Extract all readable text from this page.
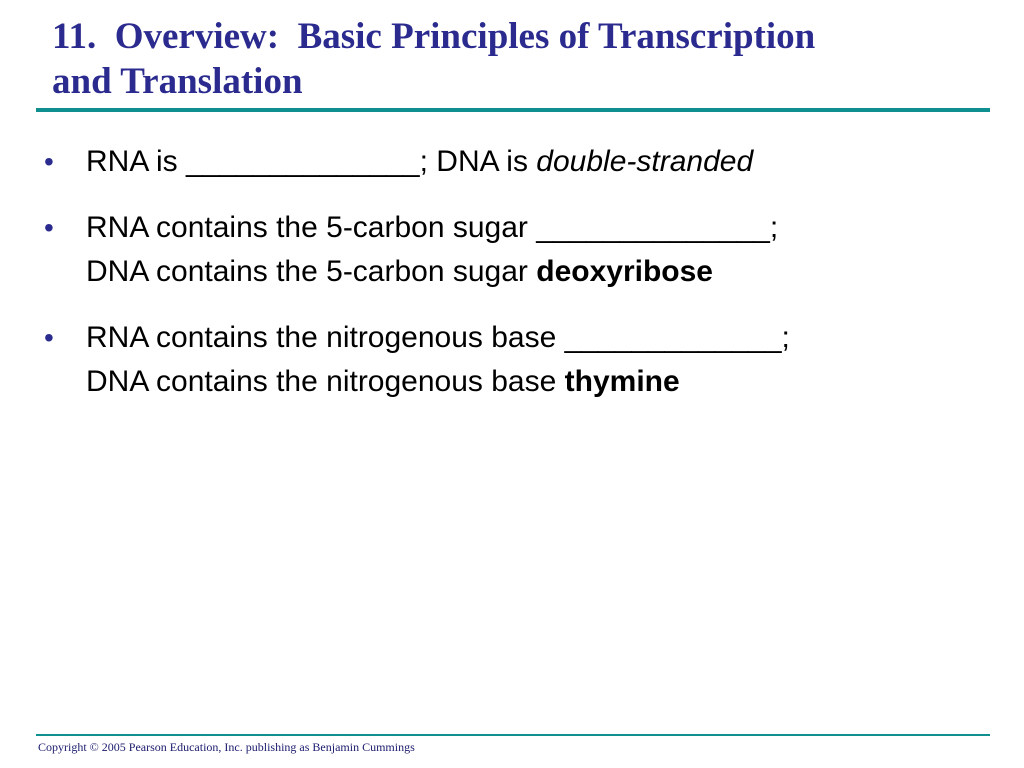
11.  Overview:  Basic Principles of Transcription
and Translation
•	RNA is ______________; DNA is double-stranded
•	RNA contains the 5-carbon sugar ______________;
DNA contains the 5-carbon sugar deoxyribose
•	RNA contains the nitrogenous base _____________;
DNA contains the nitrogenous base thymine
Copyright © 2005 Pearson Education, Inc. publishing as Benjamin Cummings
